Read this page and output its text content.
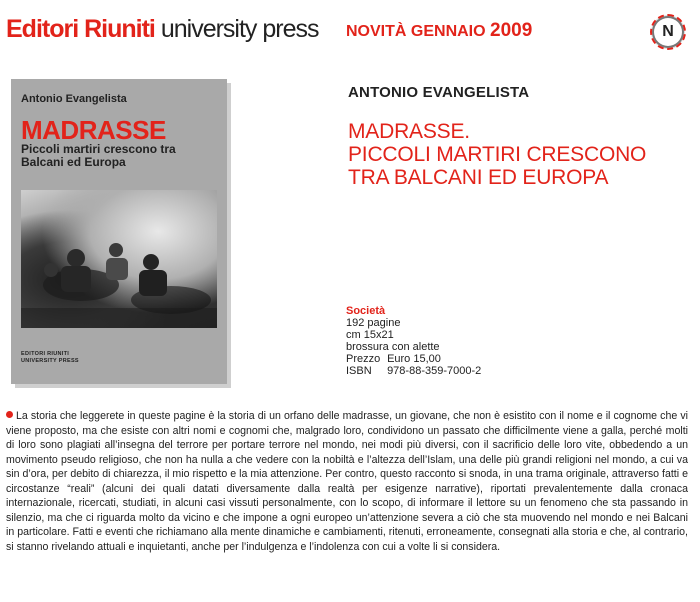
Editori Riuniti university press NOVITÀ GENNAIO 2009	N
Antonio Evangelista
MADRASSE
Piccoli martiri crescono tra Balcani ed Europa
EDITORI RIUNITI
UNIVERSITY PRESS
ANTONIO EVANGELISTA
MADRASSE.
PICCOLI MARTIRI CRESCONO
TRA BALCANI ED EUROPA
Società
192 pagine
cm 15x21
brossura con alette
Prezzo Euro 15,00
ISBN 978-88-359-7000-2

La storia che leggerete in queste pagine è la storia di un orfano delle madrasse, un giovane, che non è esistito con il nome e il cognome che vi viene proposto, ma che esiste con altri nomi e cognomi che, malgrado loro, condividono un passato che difficilmente viene a galla, perché molti di loro sono plagiati all’insegna del terrore per portare terrore nel mondo, nei modi più diversi, con il sacrificio delle loro vite, obbedendo a un movimento pseudo religioso, che non ha nulla a che vedere con la nobiltà e l’altezza dell’Islam, una delle più grandi religioni nel mondo, a cui va sin d’ora, per debito di chiarezza, il mio rispetto e la mia attenzione. Per contro, questo racconto si snoda, in una trama originale, attraverso fatti e circostanze “reali” (alcuni dei quali datati diversamente dalla realtà per esigenze narrative), riportati prevalentemente dalla cronaca internazionale, ricercati, studiati, in alcuni casi vissuti personalmente, con lo scopo, di informare il lettore su un fenomeno che sta passando in silenzio, ma che ci riguarda molto da vicino e che impone a ogni europeo un’attenzione severa a ciò che sta muovendo nel mondo e nei Balcani in particolare. Fatti e eventi che richiamano alla mente dinamiche e cambiamenti, ritenuti, erroneamente, consegnati alla storia e che, al contrario, si stanno rivelando attuali e inquietanti, anche per l’indulgenza e l’indolenza con cui a volte li si considera.
